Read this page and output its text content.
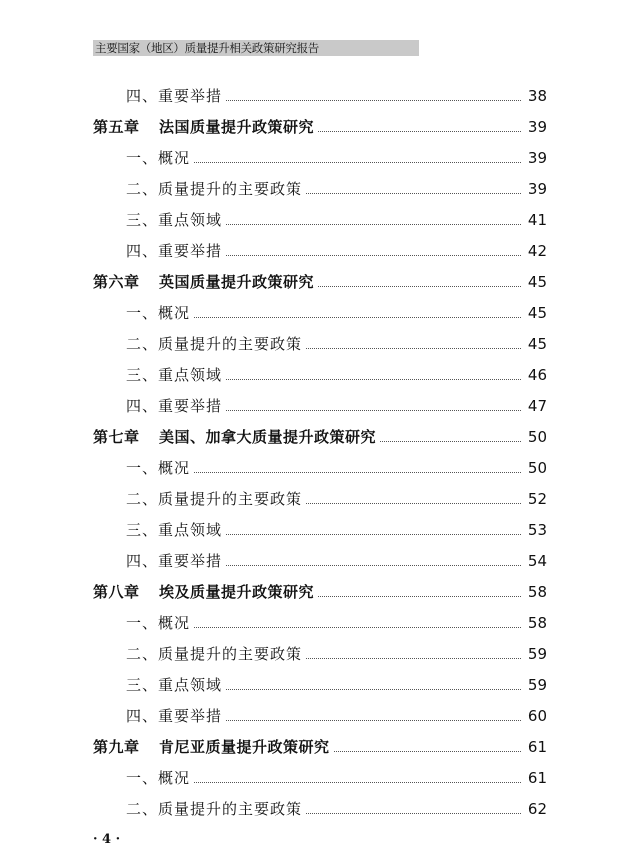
主要国家（地区）质量提升相关政策研究报告
四、重要举措	38
第五章 法国质量提升政策研究	39
一、概况	39
二、质量提升的主要政策	39
三、重点领域	41
四、重要举措	42
第六章 英国质量提升政策研究	45
一、概况	45
二、质量提升的主要政策	45
三、重点领域	46
四、重要举措	47
第七章 美国、加拿大质量提升政策研究	50
一、概况	50
二、质量提升的主要政策	52
三、重点领域	53
四、重要举措	54
第八章 埃及质量提升政策研究	58
一、概况	58
二、质量提升的主要政策	59
三、重点领域	59
四、重要举措	60
第九章 肯尼亚质量提升政策研究	61
一、概况	61
二、质量提升的主要政策	62
· 4 ·
